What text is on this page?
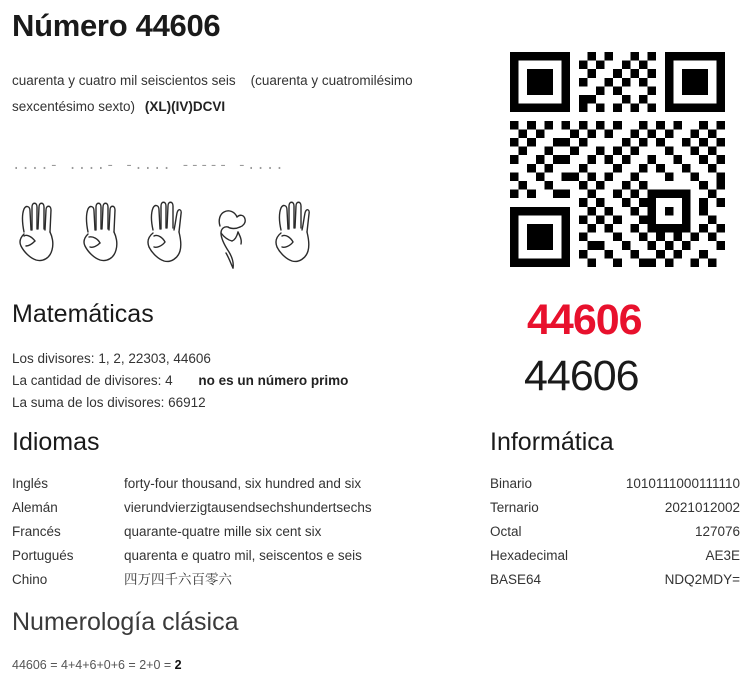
Número 44606
cuarenta y cuatro mil seiscientos seis (cuarenta y cuatromilésimo sexcentésimo sexto) (XL)(IV)DCVI
....- ....- -.... ----- -....
44606
44606
Matemáticas
Los divisores: 1, 2, 22303, 44606
La cantidad de divisores: 4 no es un número primo
La suma de los divisores: 66912
Idiomas
Inglés	forty-four thousand, six hundred and six
Alemán	vierundvierzigtausendsechshundertsechs
Francés	quarante-quatre mille six cent six
Portugués	quarenta e quatro mil, seiscentos e seis
Chino	四万四千六百零六
Informática
Binario	1010111000111110
Ternario	2021012002
Octal	127076
Hexadecimal	AE3E
BASE64	NDQ2MDY=
Numerología clásica
44606 = 4+4+6+0+6 = 2+0 = 2
